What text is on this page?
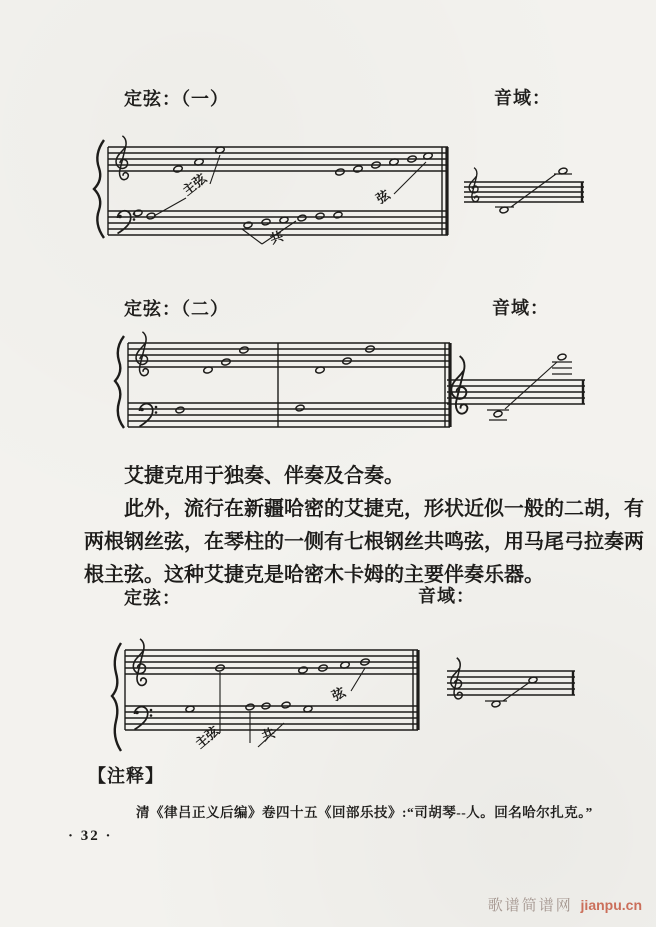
定弦：（一）	音域：
主弦	弦
共
定弦：（二）	音域：
艾捷克用于独奏、伴奏及合奏。
此外，流行在新疆哈密的艾捷克，形状近似一般的二胡，有
两根钢丝弦，在琴柱的一侧有七根钢丝共鸣弦，用马尾弓拉奏两
根主弦。这种艾捷克是哈密木卡姆的主要伴奏乐器。
定弦：	音域：
弦
主弦	共
【注释】
清《律吕正义后编》卷四十五《回部乐技》:“司胡琴--人。回名哈尔扎克。”
· 32 ·
歌谱简谱网 jianpu.cn
